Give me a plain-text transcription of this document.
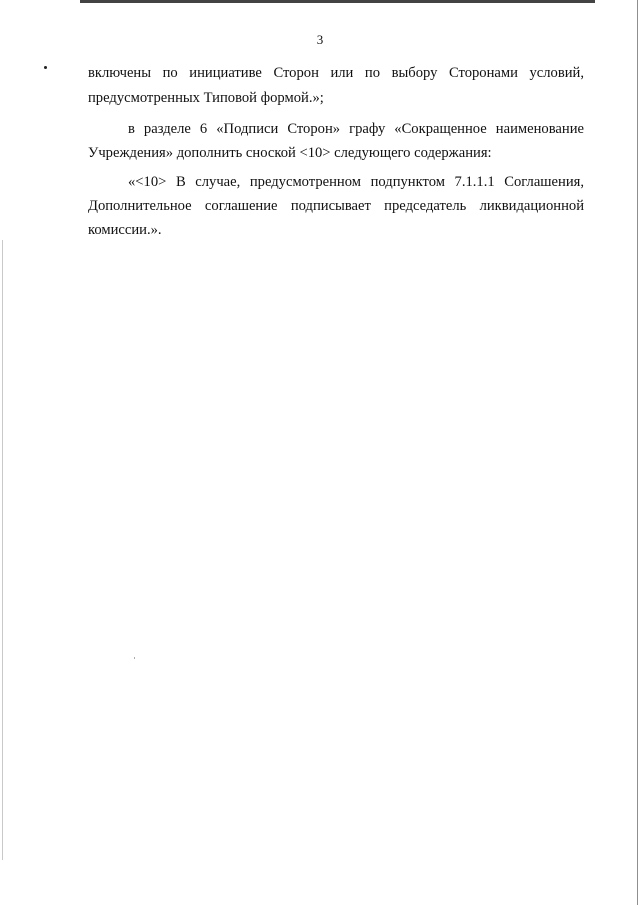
3
включены по инициативе Сторон или по выбору Сторонами условий,
предусмотренных Типовой формой.»;
в разделе 6 «Подписи Сторон» графу «Сокращенное наименование
Учреждения» дополнить сноской <10> следующего содержания:
«<10> В случае, предусмотренном подпунктом 7.1.1.1 Соглашения,
Дополнительное соглашение подписывает председатель ликвидационной
комиссии.».
